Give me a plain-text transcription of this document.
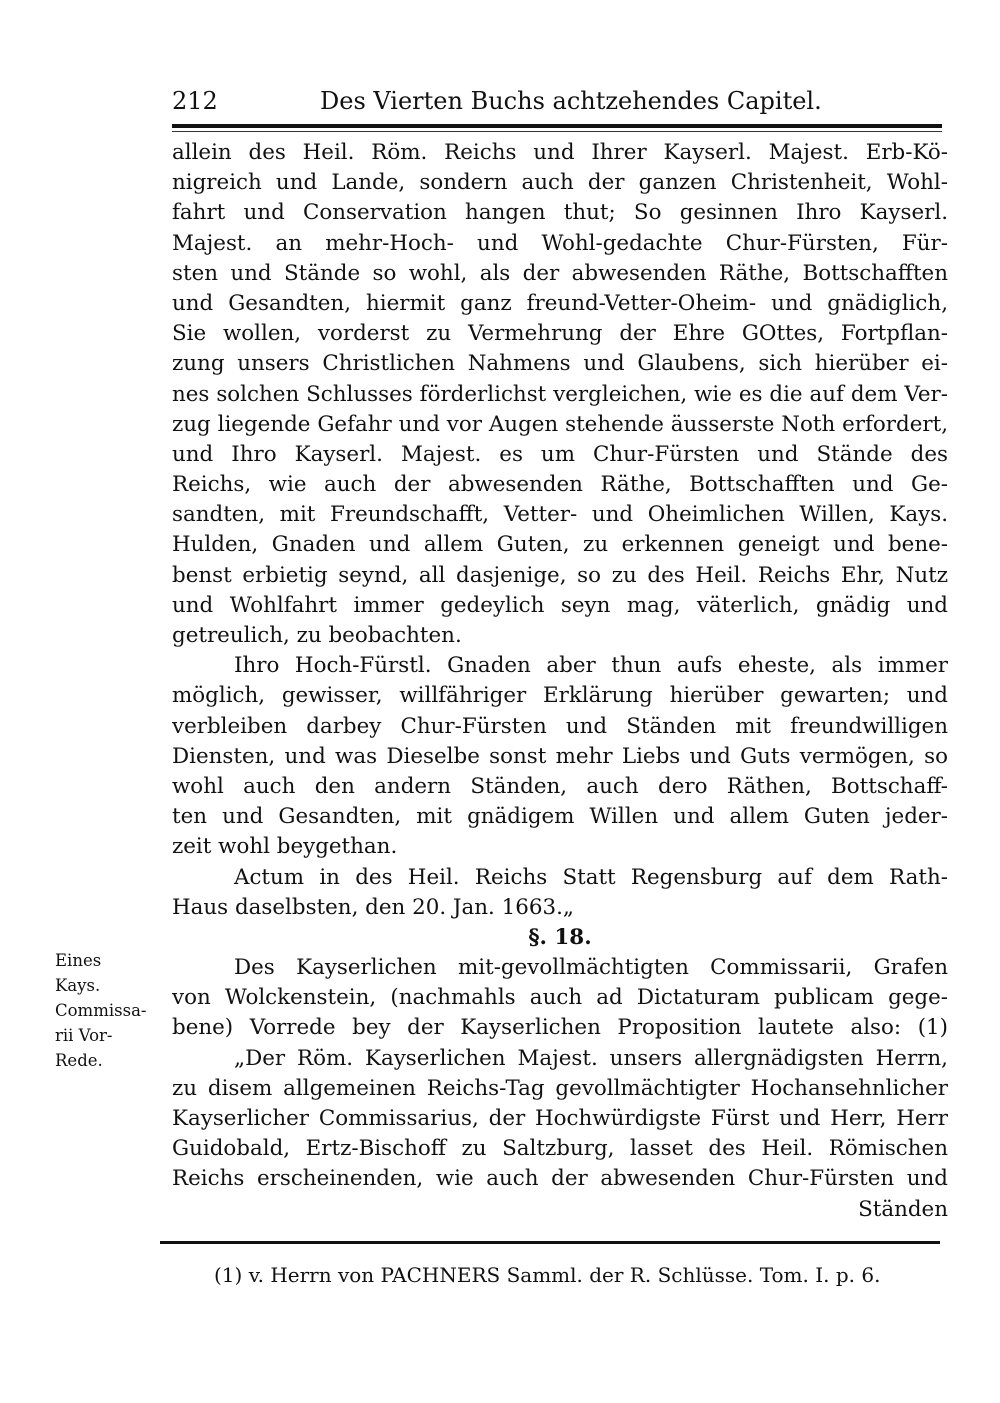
212	Des Vierten Buchs achtzehendes Capitel.
allein des Heil. Röm. Reichs und Ihrer Kayserl. Majest. Erb-Kö-
nigreich und Lande, sondern auch der ganzen Christenheit, Wohl-
fahrt und Conservation hangen thut; So gesinnen Ihro Kayserl.
Majest. an mehr-Hoch- und Wohl-gedachte Chur-Fürsten, Für-
sten und Stände so wohl, als der abwesenden Räthe, Bottschafften
und Gesandten, hiermit ganz freund-Vetter-Oheim- und gnädiglich,
Sie wollen, vorderst zu Vermehrung der Ehre GOttes, Fortpflan-
zung unsers Christlichen Nahmens und Glaubens, sich hierüber ei-
nes solchen Schlusses förderlichst vergleichen, wie es die auf dem Ver-
zug liegende Gefahr und vor Augen stehende äusserste Noth erfordert,
und Ihro Kayserl. Majest. es um Chur-Fürsten und Stände des
Reichs, wie auch der abwesenden Räthe, Bottschafften und Ge-
sandten, mit Freundschafft, Vetter- und Oheimlichen Willen, Kays.
Hulden, Gnaden und allem Guten, zu erkennen geneigt und bene-
benst erbietig seynd, all dasjenige, so zu des Heil. Reichs Ehr, Nutz
und Wohlfahrt immer gedeylich seyn mag, väterlich, gnädig und
getreulich, zu beobachten.
Ihro Hoch-Fürstl. Gnaden aber thun aufs eheste, als immer
möglich, gewisser, willfähriger Erklärung hierüber gewarten; und
verbleiben darbey Chur-Fürsten und Ständen mit freundwilligen
Diensten, und was Dieselbe sonst mehr Liebs und Guts vermögen, so
wohl auch den andern Ständen, auch dero Räthen, Bottschaff-
ten und Gesandten, mit gnädigem Willen und allem Guten jeder-
zeit wohl beygethan.
Actum in des Heil. Reichs Statt Regensburg auf dem Rath-
Haus daselbsten, den 20. Jan. 1663.„
§. 18.
Des Kayserlichen mit-gevollmächtigten Commissarii, Grafen
von Wolckenstein, (nachmahls auch ad Dictaturam publicam gege-
bene) Vorrede bey der Kayserlichen Proposition lautete also: (1)
„Der Röm. Kayserlichen Majest. unsers allergnädigsten Herrn,
zu disem allgemeinen Reichs-Tag gevollmächtigter Hochansehnlicher
Kayserlicher Commissarius, der Hochwürdigste Fürst und Herr, Herr
Guidobald, Ertz-Bischoff zu Saltzburg, lasset des Heil. Römischen
Reichs erscheinenden, wie auch der abwesenden Chur-Fürsten und
Ständen
Eines
Kays.
Commissa-
rii Vor-
Rede.
(1) v. Herrn von PACHNERS Samml. der R. Schlüsse. Tom. I. p. 6.
